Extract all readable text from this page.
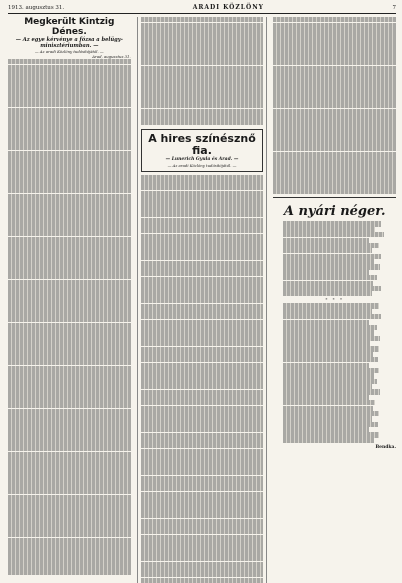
1913. augusztus 31.	ARADI KÖZLÖNY	7
Megkerült Kintzig Dénes.
— Az egye kérvénye a fózsa a belügy-minisztériumban. —
— Az aradi Közlöny tudósítójától. —
Arad, augusztus 31.
A hires színésznő fia.
— Lunerich Gyula és Arad. —
— Az aradi Közlöny tudósítójától. —
A nyári néger.
* * *
Bendka.
